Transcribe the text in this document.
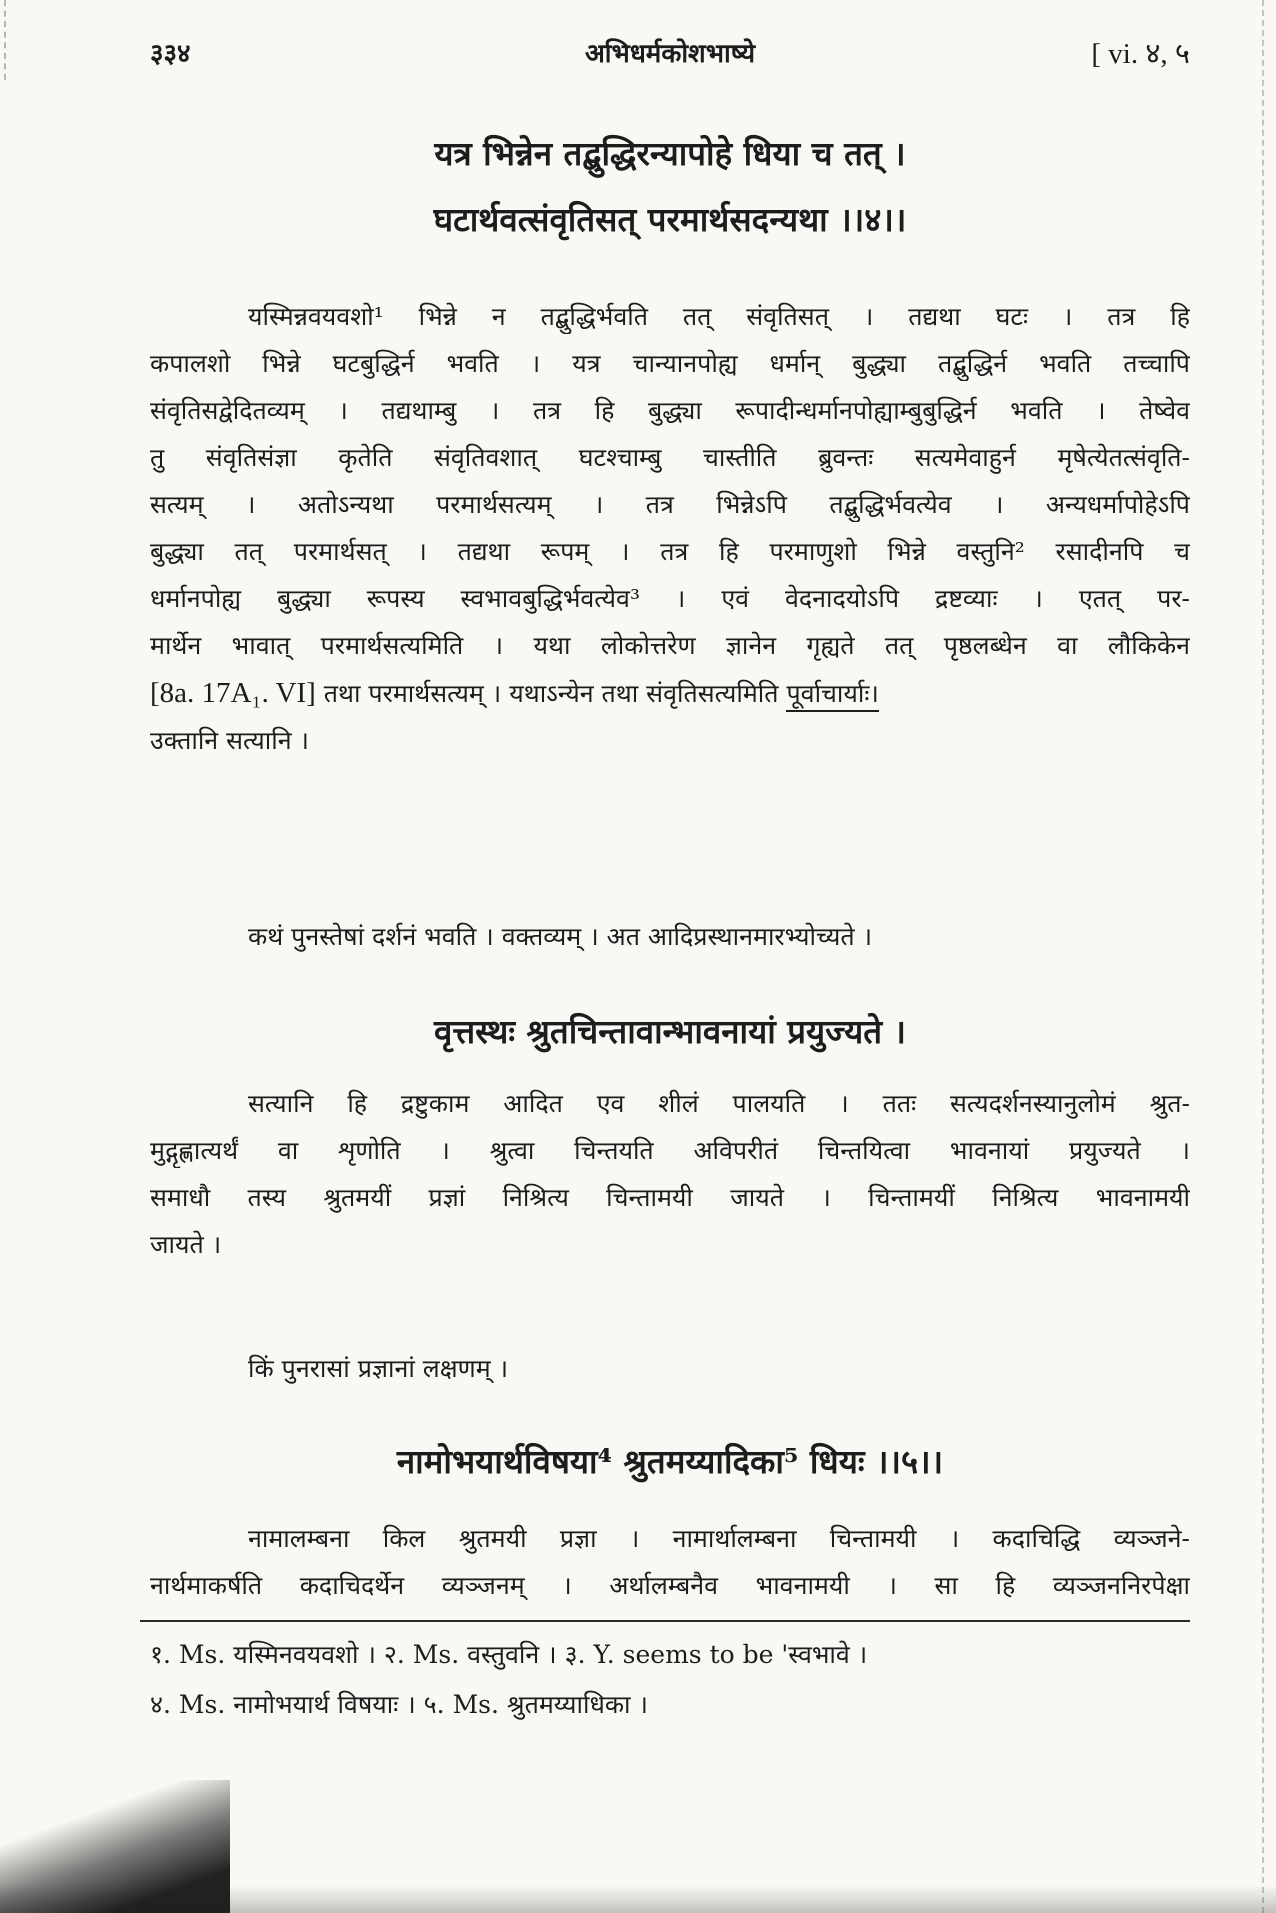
३३४	अभिधर्मकोशभाष्ये	[ vi. ४, ५
यत्र भिन्नेन तद्बुद्धिरन्यापोहे धिया च तत् ।
घटार्थवत्संवृतिसत् परमार्थसदन्यथा ।।४।।
यस्मिन्नवयवशो¹ भिन्ने न तद्बुद्धिर्भवति तत् संवृतिसत् । तद्यथा घटः । तत्र हि
कपालशो भिन्ने घटबुद्धिर्न भवति । यत्र चान्यानपोह्य धर्मान् बुद्ध्या तद्बुद्धिर्न भवति तच्चापि
संवृतिसद्वेदितव्यम् । तद्यथाम्बु । तत्र हि बुद्ध्या रूपादीन्धर्मानपोह्याम्बुबुद्धिर्न भवति । तेष्वेव
तु संवृतिसंज्ञा कृतेति संवृतिवशात् घटश्चाम्बु चास्तीति ब्रुवन्तः सत्यमेवाहुर्न मृषेत्येतत्संवृति-
सत्यम् । अतोऽन्यथा परमार्थसत्यम् । तत्र भिन्नेऽपि तद्बुद्धिर्भवत्येव । अन्यधर्मापोहेऽपि
बुद्ध्या तत् परमार्थसत् । तद्यथा रूपम् । तत्र हि परमाणुशो भिन्ने वस्तुनि² रसादीनपि च
धर्मानपोह्य बुद्ध्या रूपस्य स्वभावबुद्धिर्भवत्येव³ । एवं वेदनादयोऽपि द्रष्टव्याः । एतत् पर-
मार्थेन भावात् परमार्थसत्यमिति । यथा लोकोत्तरेण ज्ञानेन गृह्यते तत् पृष्ठलब्धेन वा लौकिकेन
[8a. 17A₁. VI] तथा परमार्थसत्यम् । यथाऽन्येन तथा संवृतिसत्यमिति पूर्वाचार्याः।
उक्तानि सत्यानि ।
कथं पुनस्तेषां दर्शनं भवति । वक्तव्यम् । अत आदिप्रस्थानमारभ्योच्यते ।
वृत्तस्थः श्रुतचिन्तावान्भावनायां प्रयुज्यते ।
सत्यानि हि द्रष्टुकाम आदित एव शीलं पालयति । ततः सत्यदर्शनस्यानुलोमं श्रुत-
मुद्गृह्णात्यर्थं वा शृणोति । श्रुत्वा चिन्तयति अविपरीतं चिन्तयित्वा भावनायां प्रयुज्यते ।
समाधौ तस्य श्रुतमयीं प्रज्ञां निश्रित्य चिन्तामयी जायते । चिन्तामयीं निश्रित्य भावनामयी
जायते ।
किं पुनरासां प्रज्ञानां लक्षणम् ।
नामोभयार्थविषया⁴ श्रुतमय्यादिका⁵ धियः ।।५।।
नामालम्बना किल श्रुतमयी प्रज्ञा । नामार्थालम्बना चिन्तामयी । कदाचिद्धि व्यञ्जने-
नार्थमाकर्षति कदाचिदर्थेन व्यञ्जनम् । अर्थालम्बनैव भावनामयी । सा हि व्यञ्जननिरपेक्षा
१. Ms. यस्मिनवयवशो । २. Ms. वस्तुवनि । ३. Y. seems to be 'स्वभावे ।
४. Ms. नामोभयार्थ विषयाः । ५. Ms. श्रुतमय्याधिका ।
